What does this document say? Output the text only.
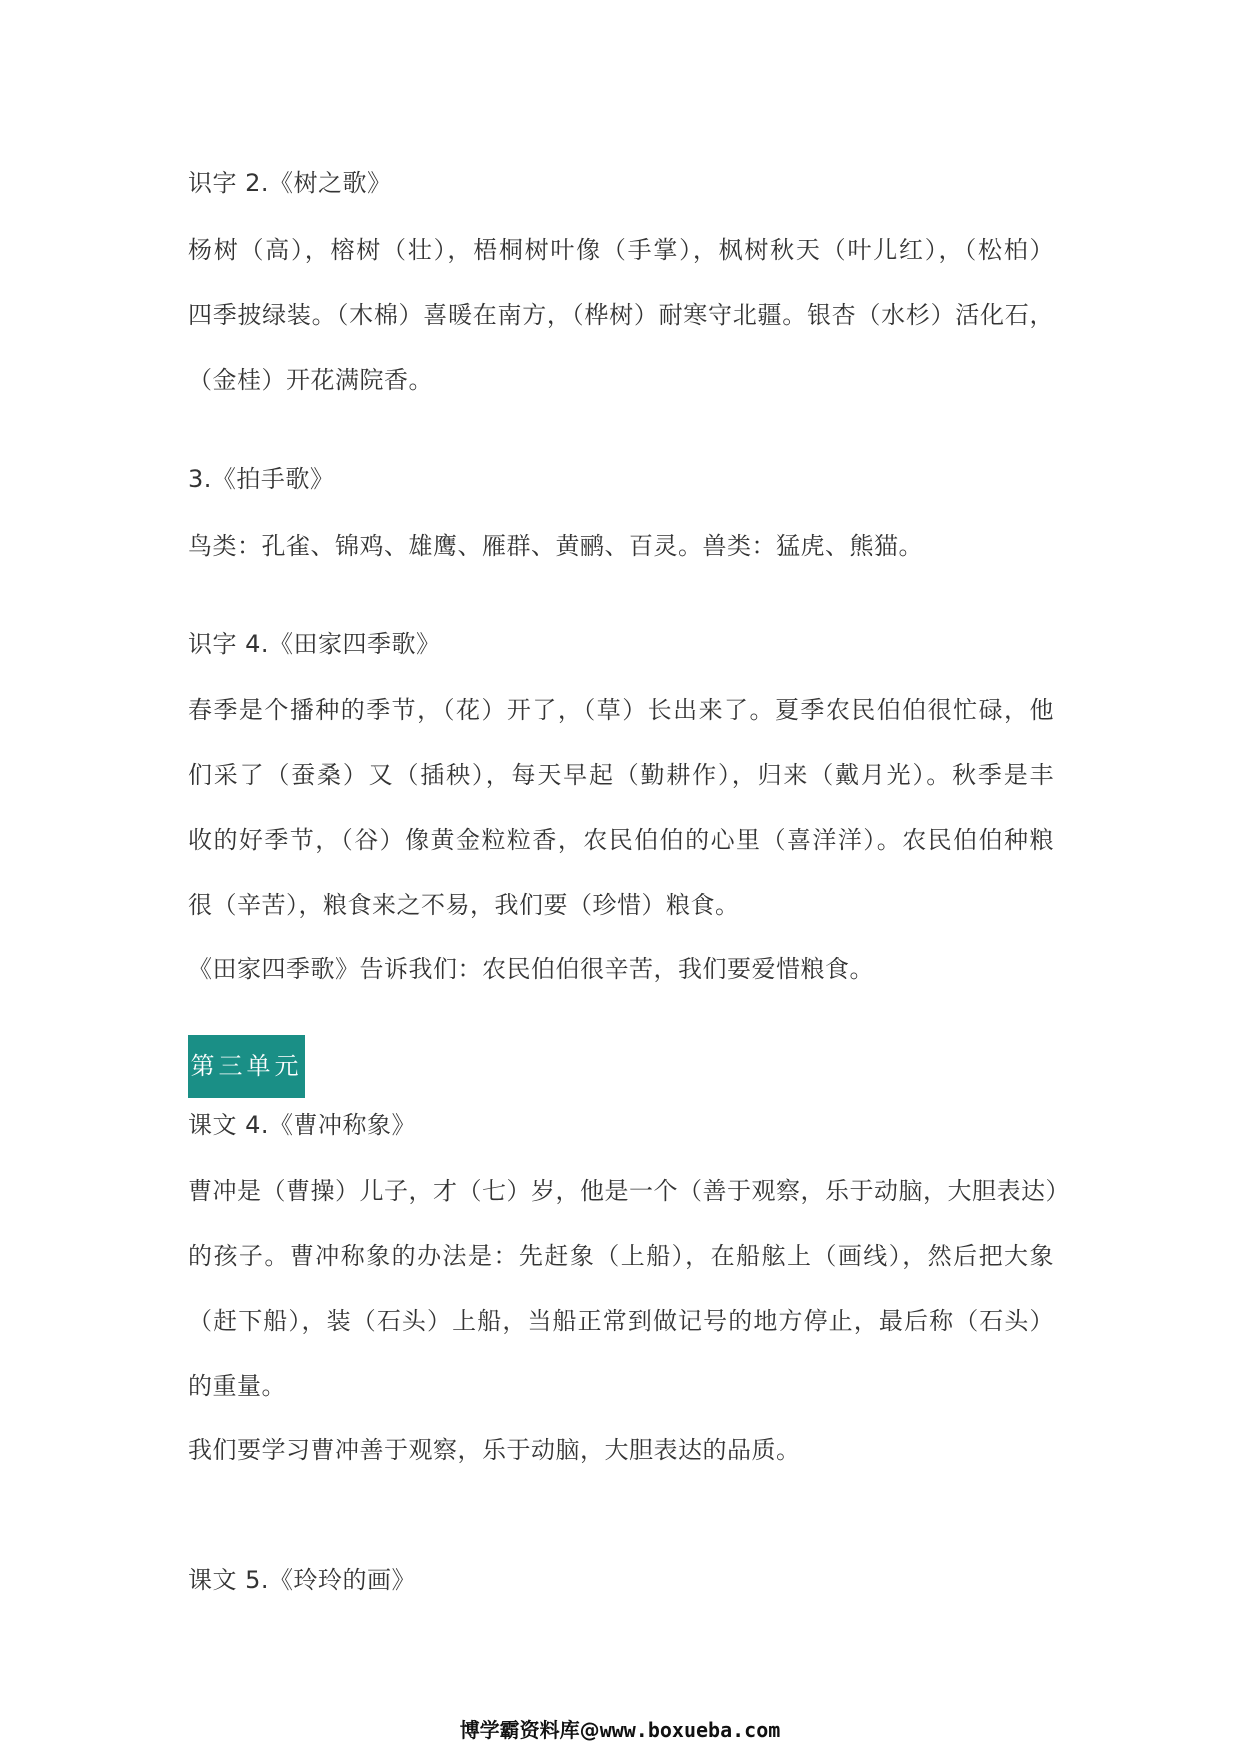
识字 2.《树之歌》
杨树（高），榕树（壮），梧桐树叶像（手掌），枫树秋天（叶儿红），（松柏）
四季披绿装。（木棉）喜暖在南方，（桦树）耐寒守北疆。银杏（水杉）活化石，
（金桂）开花满院香。
3.《拍手歌》
鸟类：孔雀、锦鸡、雄鹰、雁群、黄鹂、百灵。兽类：猛虎、熊猫。
识字 4.《田家四季歌》
春季是个播种的季节，（花）开了，（草）长出来了。夏季农民伯伯很忙碌，他
们采了（蚕桑）又（插秧），每天早起（勤耕作），归来（戴月光）。秋季是丰
收的好季节，（谷）像黄金粒粒香，农民伯伯的心里（喜洋洋）。农民伯伯种粮
很（辛苦），粮食来之不易，我们要（珍惜）粮食。
《田家四季歌》告诉我们：农民伯伯很辛苦，我们要爱惜粮食。
第三单元
课文 4.《曹冲称象》
曹冲是（曹操）儿子，才（七）岁，他是一个（善于观察，乐于动脑，大胆表达）
的孩子。曹冲称象的办法是：先赶象（上船），在船舷上（画线），然后把大象
（赶下船），装（石头）上船，当船正常到做记号的地方停止，最后称（石头）
的重量。
我们要学习曹冲善于观察，乐于动脑，大胆表达的品质。
课文 5.《玲玲的画》
博学霸资料库@www.boxueba.com
